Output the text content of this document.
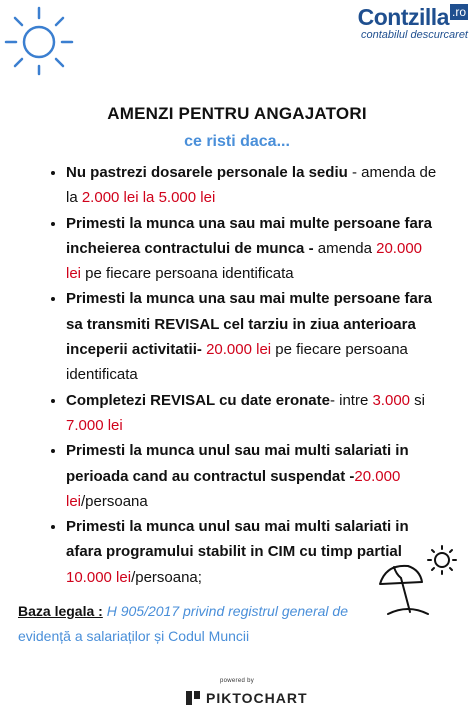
Contzilla .ro
contabilul descurcaret
AMENZI PENTRU ANGAJATORI
ce risti daca...
• Nu pastrezi dosarele personale la sediu - amenda de la 2.000 lei la 5.000 lei
• Primesti la munca una sau mai multe persoane fara incheierea contractului de munca - amenda 20.000 lei pe fiecare persoana identificata
• Primesti la munca una sau mai multe persoane fara sa transmiti REVISAL cel tarziu in ziua anterioara inceperii activitatii- 20.000 lei pe fiecare persoana identificata
• Completezi REVISAL cu date eronate- intre 3.000 si 7.000 lei
• Primesti la munca unul sau mai multi salariati in perioada cand au contractul suspendat -20.000 lei/persoana
• Primesti la munca unul sau mai multi salariati in afara programului stabilit in CIM cu timp partial 10.000 lei/persoana;
Baza legala : H 905/2017 privind registrul general de
evidență a salariaților și Codul Muncii
powered by
PIKTOCHART
